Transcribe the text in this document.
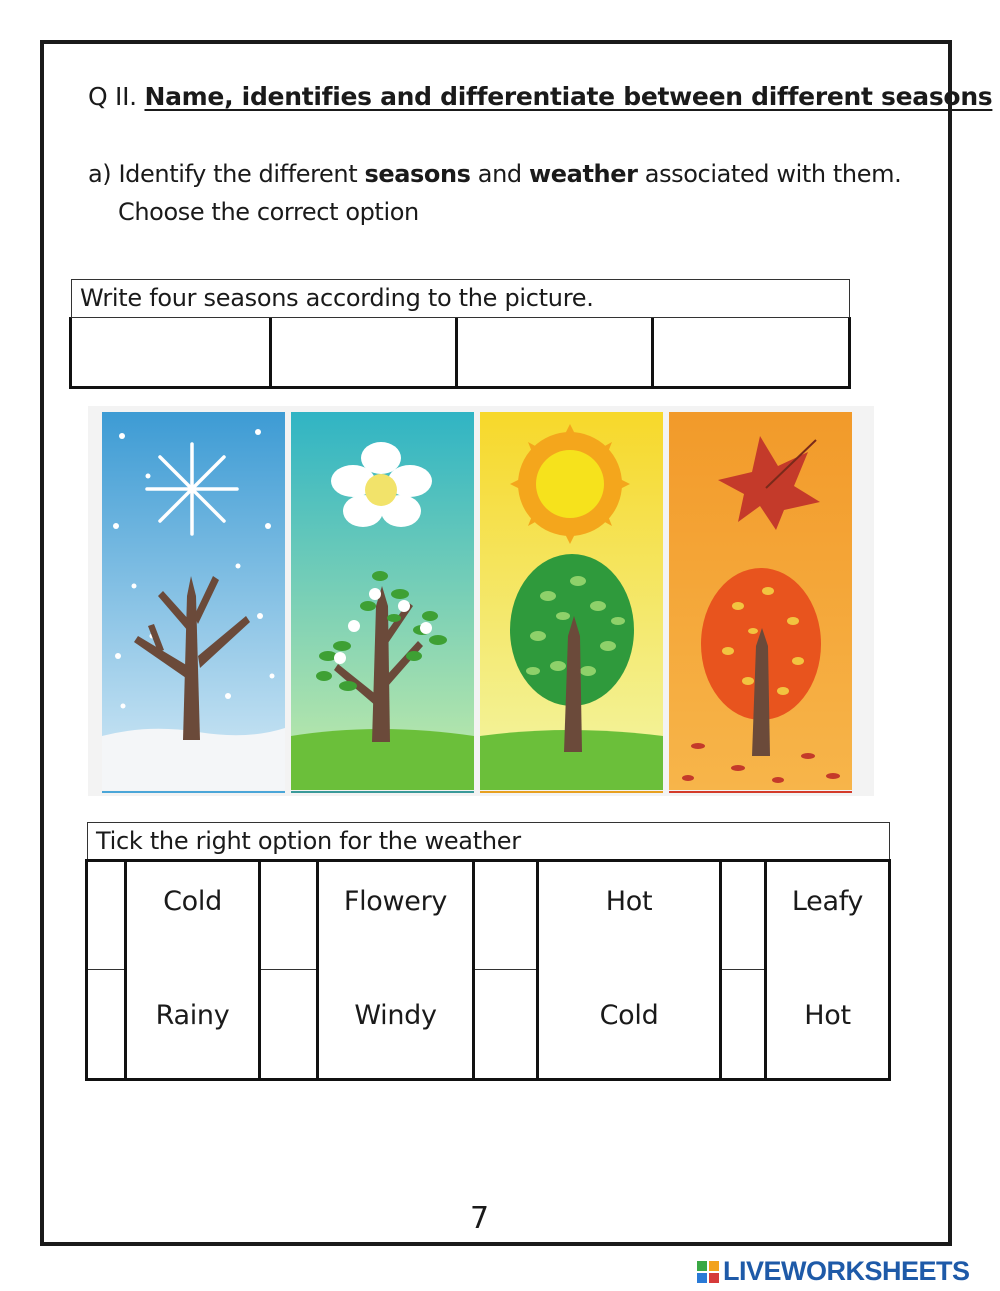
Q II. Name, identifies and differentiate between different seasons
a) Identify the different seasons and weather associated with them.
Choose the correct option
Write four seasons according to the picture.
Tick the right option for the weather
Cold
Rainy
Flowery
Windy
Hot
Cold
Leafy
Hot
7
LIVEWORKSHEETS
